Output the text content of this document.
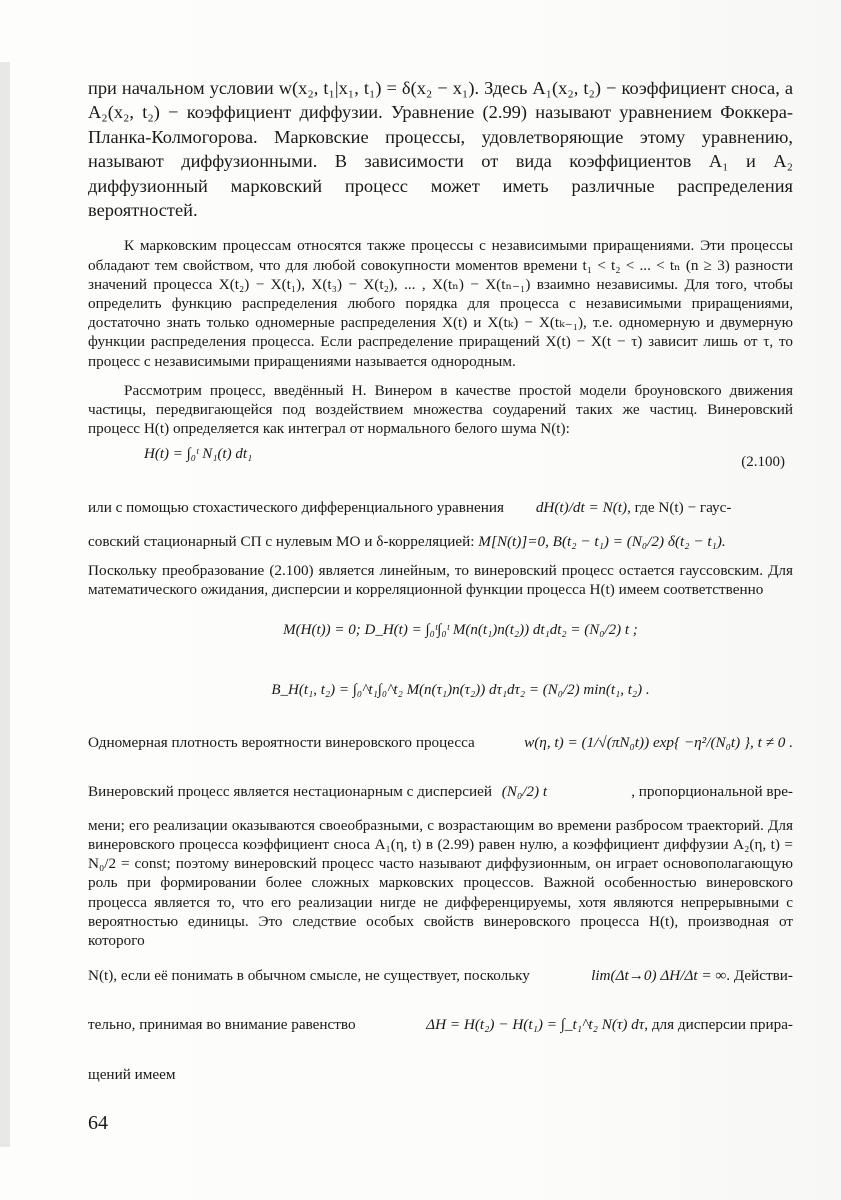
при начальном условии w(x₂, t₁|x₁, t₁) = δ(x₂ − x₁). Здесь A₁(x₂, t₂) − коэффициент сноса, а A₂(x₂, t₂) − коэффициент диффузии. Уравнение (2.99) называют уравнением Фоккера-Планка-Колмогорова. Марковские процессы, удовлетворяющие этому уравнению, называют диффузионными. В зависимости от вида коэффициентов A₁ и A₂ диффузионный марковский процесс может иметь различные распределения вероятностей.

К марковским процессам относятся также процессы с независимыми приращениями. Эти процессы обладают тем свойством, что для любой совокупности моментов времени t₁ < t₂ < ... < tₙ (n ≥ 3) разности значений процесса X(t₂) − X(t₁), X(t₃) − X(t₂), ... , X(tₙ) − X(tₙ₋₁) взаимно независимы. Для того, чтобы определить функцию распределения любого порядка для процесса с независимыми приращениями, достаточно знать только одномерные распределения X(t) и X(tₖ) − X(tₖ₋₁), т.е. одномерную и двумерную функции распределения процесса. Если распределение приращений X(t) − X(t − τ) зависит лишь от τ, то процесс с независимыми приращениями называется однородным.

Рассмотрим процесс, введённый Н. Винером в качестве простой модели броуновского движения частицы, передвигающейся под воздействием множества соударений таких же частиц. Винеровский процесс H(t) определяется как интеграл от нормального белого шума N(t):

H(t) = ∫₀ᵗ N₁(t) dt₁	(2.100)

или с помощью стохастического дифференциального уравнения dH(t)/dt = N(t), где N(t) − гаус-

совский стационарный СП с нулевым МО и δ-корреляцией: M[N(t)]=0, B(t₂ − t₁) = (N₀/2) δ(t₂ − t₁).

Поскольку преобразование (2.100) является линейным, то винеровский процесс остается гауссовским. Для математического ожидания, дисперсии и корреляционной функции процесса H(t) имеем соответственно

M(H(t)) = 0; D_H(t) = ∫₀ᵗ∫₀ᵗ M(n(t₁)n(t₂)) dt₁dt₂ = (N₀/2) t ;
B_H(t₁, t₂) = ∫₀^t₁∫₀^t₂ M(n(τ₁)n(τ₂)) dτ₁dτ₂ = (N₀/2) min(t₁, t₂) .

Одномерная плотность вероятности винеровского процесса	w(η, t) = (1/√(πN₀t)) exp{ −η²/(N₀t) }, t ≠ 0 .

Винеровский процесс является нестационарным с дисперсией (N₀/2) t	, пропорциональной вре-

мени; его реализации оказываются своеобразными, с возрастающим во времени разбросом траекторий. Для винеровского процесса коэффициент сноса A₁(η, t) в (2.99) равен нулю, а коэффициент диффузии A₂(η, t) = N₀/2 = const; поэтому винеровский процесс часто называют диффузионным, он играет основополагающую роль при формировании более сложных марковских процессов. Важной особенностью винеровского процесса является то, что его реализации нигде не дифференцируемы, хотя являются непрерывными с вероятностью единицы. Это следствие особых свойств винеровского процесса H(t), производная от которого

N(t), если её понимать в обычном смысле, не существует, поскольку	lim(Δt→0) ΔH/Δt = ∞. Действи-

тельно, принимая во внимание равенство	ΔH = H(t₂) − H(t₁) = ∫_t₁^t₂ N(τ) dτ, для дисперсии прира-

щений имеем

64
